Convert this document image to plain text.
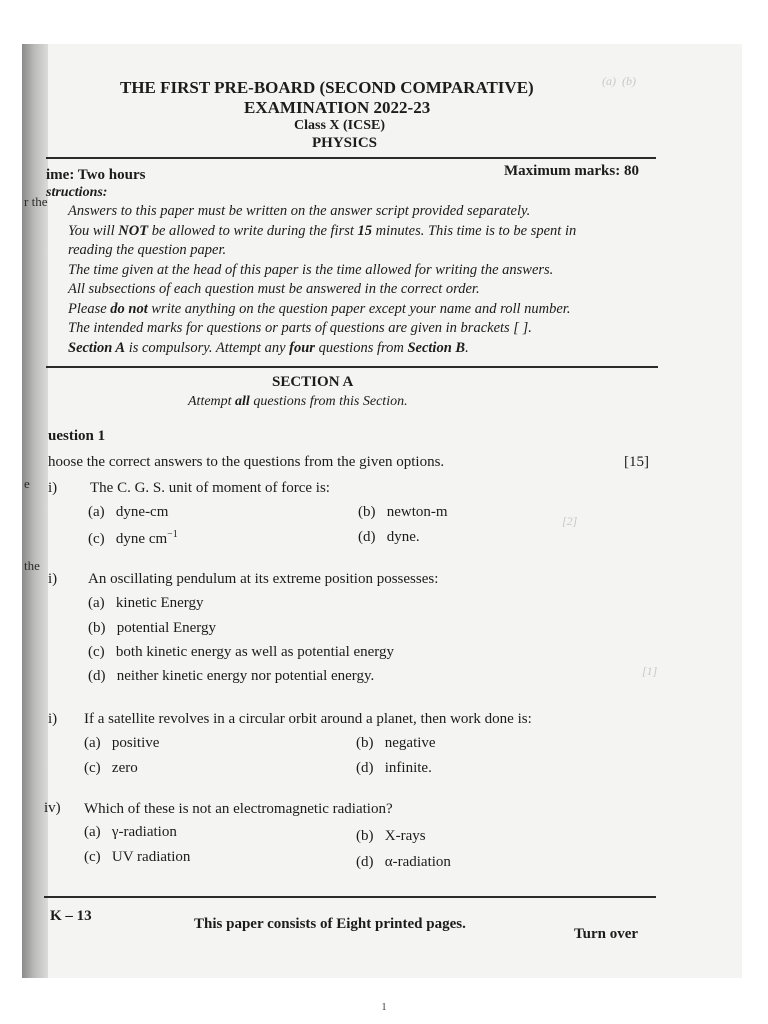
(a)  (b)
[2]
[1]
THE FIRST PRE-BOARD (SECOND COMPARATIVE)
EXAMINATION 2022-23
Class X (ICSE)
PHYSICS
ime: Two hours	Maximum marks: 80
structions:
Answers to this paper must be written on the answer script provided separately.
You will NOT be allowed to write during the first 15 minutes. This time is to be spent in
reading the question paper.
The time given at the head of this paper is the time allowed for writing the answers.
All subsections of each question must be answered in the correct order.
Please do not write anything on the question paper except your name and roll number.
The intended marks for questions or parts of questions are given in brackets [ ].
Section A is compulsory. Attempt any four questions from Section B.
SECTION A
Attempt all questions from this Section.
uestion 1
hoose the correct answers to the questions from the given options.	[15]
i) The C. G. S. unit of moment of force is:
(a) dyne-cm	(b) newton-m
(c) dyne $cm^{-1}$	(d) dyne.
i) An oscillating pendulum at its extreme position possesses:
(a) kinetic Energy
(b) potential Energy
(c) both kinetic energy as well as potential energy
(d) neither kinetic energy nor potential energy.
i) If a satellite revolves in a circular orbit around a planet, then work done is:
(a) positive	(b) negative
(c) zero	(d) infinite.
iv) Which of these is not an electromagnetic radiation?
(a) γ-radiation	(b) X-rays
(c) UV radiation	(d) α-radiation
K – 13	This paper consists of Eight printed pages.
Turn over
r the
e
the
1
